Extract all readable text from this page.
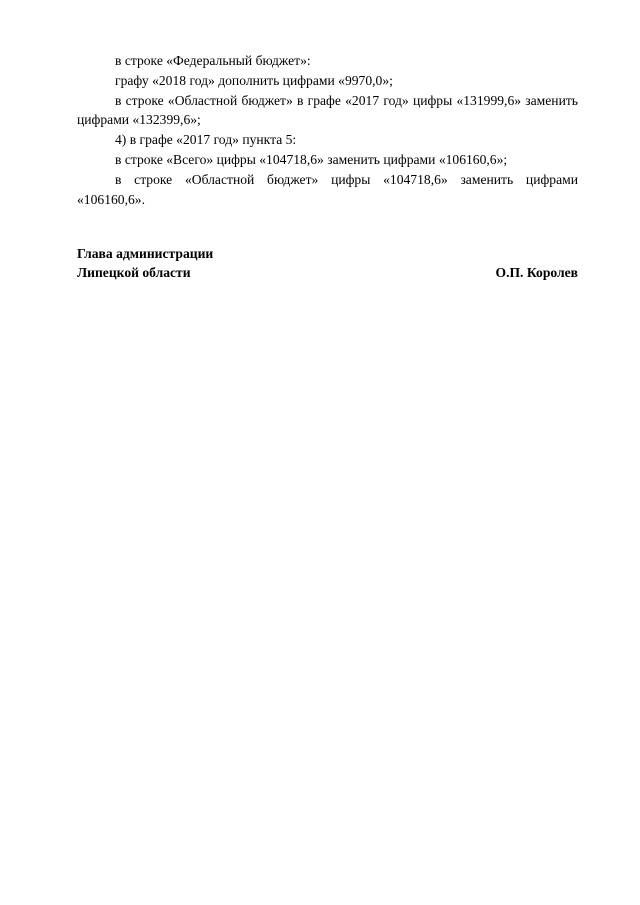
в строке «Федеральный бюджет»:

графу «2018 год» дополнить цифрами «9970,0»;

в строке «Областной бюджет» в графе «2017 год» цифры «131999,6» заменить цифрами «132399,6»;

4) в графе «2017 год» пункта 5:

в строке «Всего» цифры «104718,6» заменить цифрами «106160,6»;

в строке «Областной бюджет» цифры «104718,6» заменить цифрами «106160,6».

Глава администрации
Липецкой области	О.П. Королев
